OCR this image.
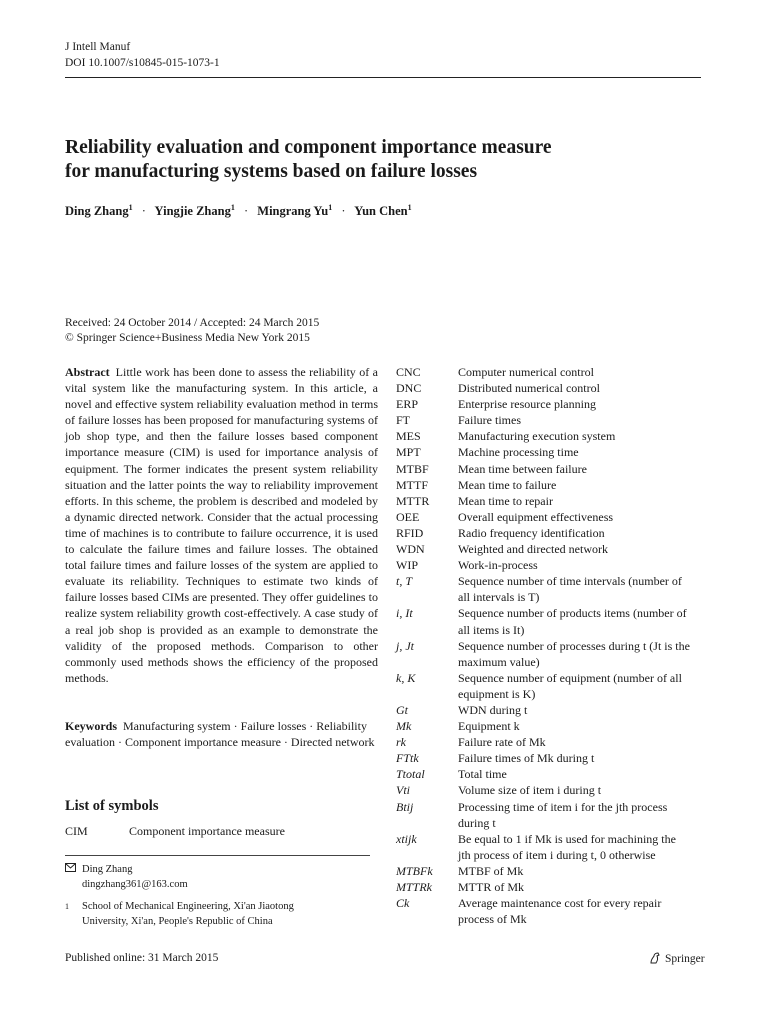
J Intell Manuf
DOI 10.1007/s10845-015-1073-1
Reliability evaluation and component importance measure
for manufacturing systems based on failure losses
Ding Zhang$^1$ · Yingjie Zhang$^1$ · Mingrang $Yu^1$ · Yun Chen$^1$
Received: 24 October 2014 / Accepted: 24 March 2015
© Springer Science+Business Media New York 2015

Abstract Little work has been done to assess the reliability of a vital system like the manufacturing system. In this article, a novel and effective system reliability evaluation method in terms of failure losses has been proposed for manufacturing systems of job shop type, and then the failure losses based component importance measure (CIM) is used for importance analysis of equipment. The former indicates the present system reliability situation and the latter points the way to reliability improvement efforts. In this scheme, the problem is described and modeled by a dynamic directed network. Consider that the actual processing time of machines is to contribute to failure occurrence, it is used to calculate the failure times and failure losses. The obtained total failure times and failure losses of the system are applied to evaluate its reliability. Techniques to estimate two kinds of failure losses based CIMs are presented. They offer guidelines to realize system reliability growth cost-effectively. A case study of a real job shop is provided as an example to demonstrate the validity of the proposed methods. Comparison to other commonly used methods shows the efficiency of the proposed methods.

Keywords Manufacturing system · Failure losses · Reliability evaluation · Component importance measure · Directed network

List of symbols
CIM	Component importance measure
Ding Zhang
dingzhang361@163.com
1 School of Mechanical Engineering, Xi'an Jiaotong
University, Xi'an, People's Republic of China
Published online: 31 March 2015	Springer
CNC	Computer numerical control
DNC	Distributed numerical control
ERP	Enterprise resource planning
FT	Failure times
MES	Manufacturing execution system
MPT	Machine processing time
MTBF	Mean time between failure
MTTF	Mean time to failure
MTTR	Mean time to repair
OEE	Overall equipment effectiveness
RFID	Radio frequency identification
WDN	Weighted and directed network
WIP	Work-in-process
t, T	Sequence number of time intervals (number of
all intervals is T)
i, It	Sequence number of products items (number of
all items is It)
j, Jt	Sequence number of processes during t (Jt is the
maximum value)
k, K	Sequence number of equipment (number of all
equipment is K)
Gt	WDN during t
Mk	Equipment k
rk	Failure rate of Mk
FTtk	Failure times of Mk during t
Ttotal	Total time
Vti	Volume size of item i during t
Btij	Processing time of item i for the jth process
during t
xtijk	Be equal to 1 if Mk is used for machining the
jth process of item i during t, 0 otherwise
MTBFk	MTBF of Mk
MTTRk	MTTR of Mk
Ck	Average maintenance cost for every repair
process of Mk
